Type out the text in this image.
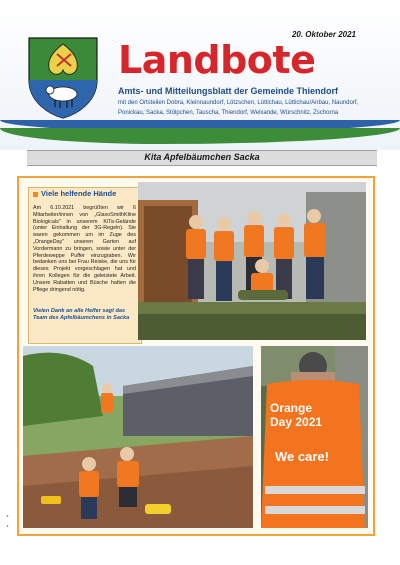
20. Oktober 2021
Landbote
Amts- und Mitteilungsblatt der Gemeinde Thiendorf
mit den Ortsteilen Dobra, Kleinnaundorf, Lötzschen, Lüttichau, Lüttichau/Anbau, Naundorf, Ponickau, Sacka, Stölpchen, Tauscha, Thiendorf, Welxande, Würschnitz, Zschorna
Kita Apfelbäumchen Sacka
Viele helfende Hände
Am 6.10.2021 begrüßten wir 6 Mitarbeiter/innen von „GlaxoSmithKline Biologicals" in unserem KiTa-Gelände (unter Einhaltung der 3G-Regeln). Sie waren gekommen um im Zuge des „OrangeDay" unseren Garten auf Vordermann zu bringen, sowie unter der Pferdeweppe Puffer einzugraben. Wir bedanken uns bei Frau Reiske, die uns für dieses Projekt vorgeschlagen hat und ihren Kollegen für die geleistete Arbeit. Unsere Rabatten und Büsche hatten die Pflege dringend nötig.
Vielen Dank an alle Helfer sagt das Team des Apfelbäumchens in Sacka
Orange
Day 2021
We care!
